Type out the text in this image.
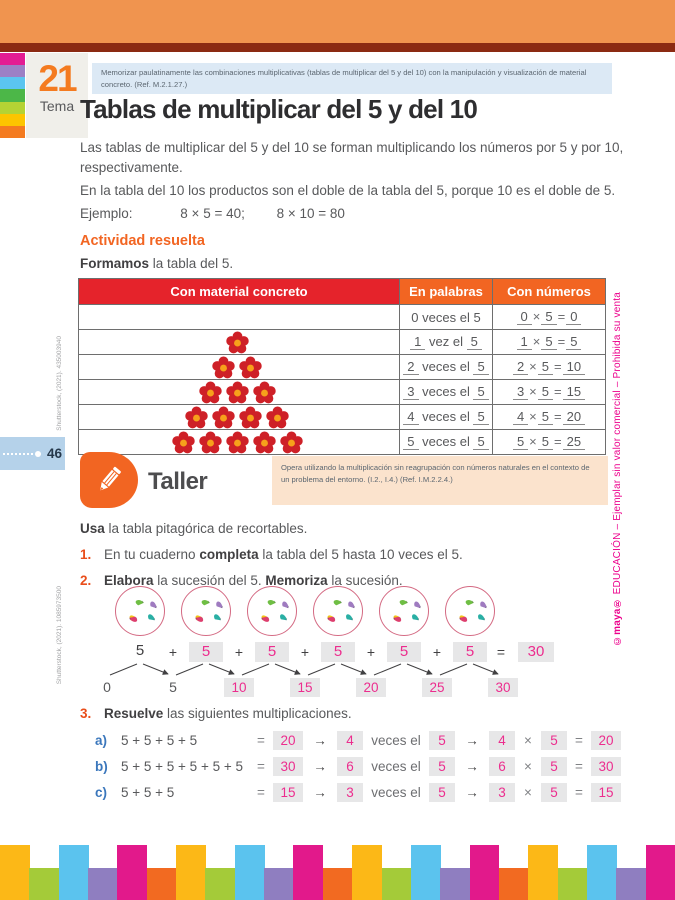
21
Tema
Memorizar paulatinamente las combinaciones multiplicativas (tablas de multiplicar del 5 y del 10) con la manipulación y visualización de material concreto. (Ref. M.2.1.27.)
Tablas de multiplicar del 5 y del 10
Las tablas de multiplicar del 5 y del 10 se forman multiplicando los números por 5 y por 10, respectivamente.
En la tabla del 10 los productos son el doble de la tabla del 5, porque 10 es el doble de 5.
Ejemplo:	8 × 5 = 40; 8 × 10 = 80
Actividad resuelta
Formamos la tabla del 5.
Con material concreto	En palabras	Con números
	0 veces el 5	0 × 5 = 0
	1 vez el 5	1 × 5 = 5
	2 veces el 5	2 × 5 = 10
	3 veces el 5	3 × 5 = 15
	4 veces el 5	4 × 5 = 20
	5 veces el 5	5 × 5 = 25
Shutterstock, (2021). 435003940
Shutterstock, (2021). 1085973500	©maya® EDUCACIÓN – Ejemplar sin valor comercial – Prohibida su venta
46
Taller
Opera utilizando la multiplicación sin reagrupación con números naturales en el contexto de un problema del entorno. (I.2., I.4.) (Ref. I.M.2.2.4.)
Usa la tabla pitagórica de recortables.
1. En tu cuaderno completa la tabla del 5 hasta 10 veces el 5.
2. Elabora la sucesión del 5. Memoriza la sucesión.
3. Resuelve las siguientes multiplicaciones.
5	+	5	+	5	+	5	+	5	+	5	=	30
0	5	10	15	20	25	30
a)	5 + 5 + 5 + 5	=	20	→	4	veces el	5	→	4	×	5	=	20
b) 5 + 5 + 5 + 5 + 5 + 5	=	30	→	6	veces el	5	→	6	×	5	=	30
c)	5 + 5 + 5	=	15	→	3	veces el	5	→	3	×	5	=	15
